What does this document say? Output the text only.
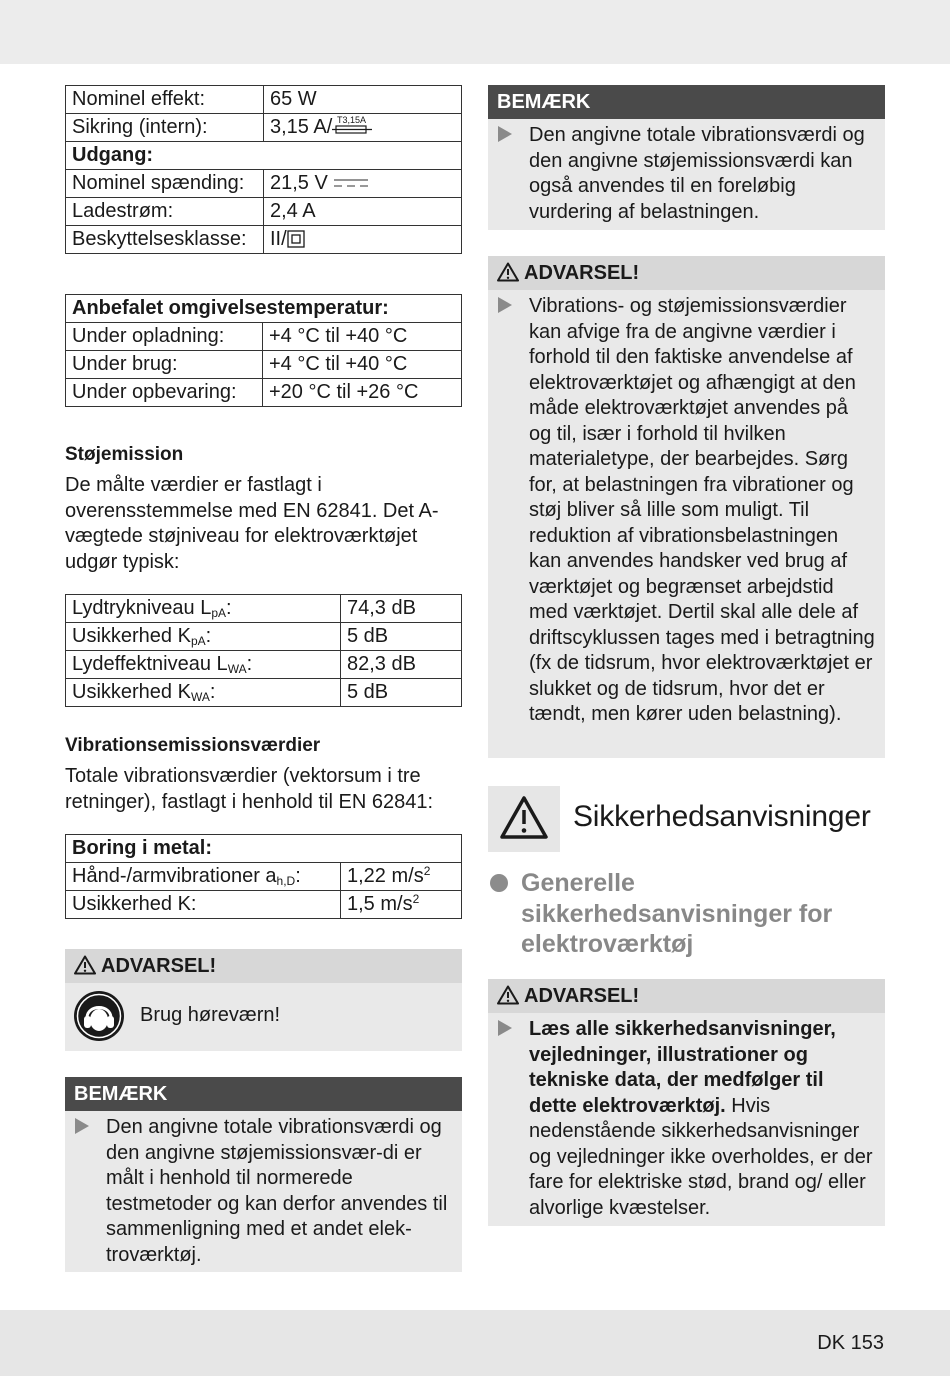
Nominel effekt:	65 W
Sikring (intern):	3,15 A/ T3,15A

Udgang:	
Nominel spænding:	21,5 V
Ladestrøm:	2,4 A
Beskyttelsesklasse:	II/
Anbefalet omgivelsestemperatur:	
Under opladning:	+4 °C til +40 °C
Under brug:	+4 °C til +40 °C
Under opbevaring:	+20 °C til +26 °C
Støjemission

De målte værdier er fastlagt i overensstemmelse med EN 62841. Det A-vægtede støjniveau for elektroværktøjet udgør typisk:

Lydtrykniveau $L_{pA}$:	74,3 dB
Usikkerhed $K_{pA}$:	5 dB
Lydeffektniveau $L_{WA}$:	82,3 dB
Usikkerhed $K_{WA}$:	5 dB
Vibrationsemissionsværdier

Totale vibrationsværdier (vektorsum i tre retninger), fastlagt i henhold til EN 62841:

Boring i metal:	
Hånd-/armvibrationer $a_{h,D}$:	1,22 $m/s^2$
Usikkerhed K:	1,5 $m/s^2$
ADVARSEL!
Brug høreværn!
BEMÆRK
Den angivne totale vibrationsværdi og den angivne støjemissionsvær-di er målt i henhold til normerede testmetoder og kan derfor anvendes til sammenligning med et andet elek-troværktøj.
BEMÆRK
Den angivne totale vibrationsværdi og den angivne støjemissionsværdi kan også anvendes til en foreløbig vurdering af belastningen.
ADVARSEL!
Vibrations- og støjemissionsværdier kan afvige fra de angivne værdier i forhold til den faktiske anvendelse af elektroværktøjet og afhængigt at den måde elektroværktøjet anvendes på og til, især i forhold til hvilken materialetype, der bearbejdes. Sørg for, at belastningen fra vibrationer og støj bliver så lille som muligt. Til reduktion af vibrationsbelastningen kan anvendes handsker ved brug af værktøjet og begrænset arbejdstid med værktøjet. Dertil skal alle dele af driftscyklussen tages med i betragtning (fx de tidsrum, hvor elektroværktøjet er slukket og de tidsrum, hvor det er tændt, men kører uden belastning).
Sikkerhedsanvisninger
Generelle sikkerhedsanvisninger for elektroværktøj
ADVARSEL!
Læs alle sikkerhedsanvisninger, vejledninger, illustrationer og tekniske data, der medfølger til dette elektroværktøj. Hvis nedenstående sikkerhedsanvisninger og vejledninger ikke overholdes, er der fare for elektriske stød, brand og/ eller alvorlige kvæstelser.
DK 153
